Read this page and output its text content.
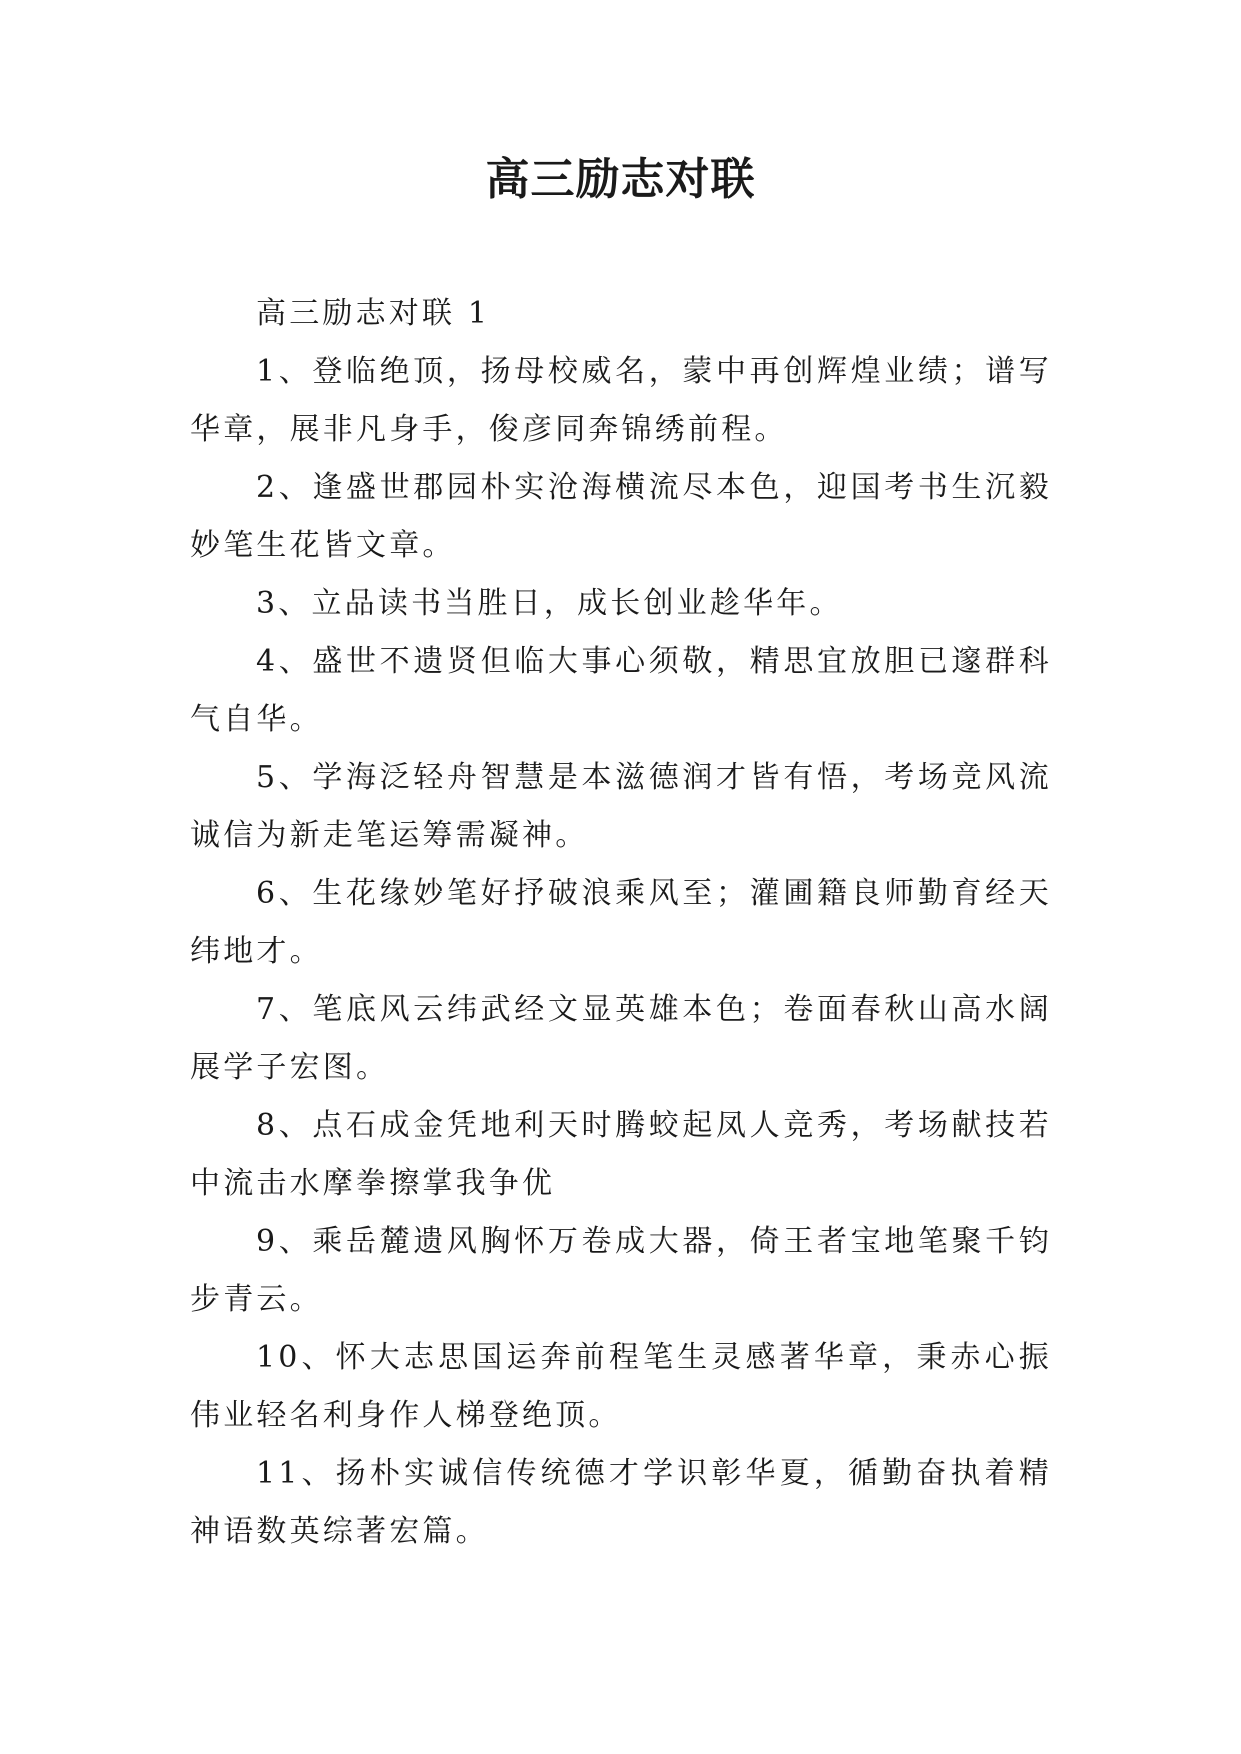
高三励志对联

高三励志对联 1

1、登临绝顶，扬母校威名，蒙中再创辉煌业绩；谱写华章，展非凡身手，俊彦同奔锦绣前程。

2、逢盛世郡园朴实沧海横流尽本色，迎国考书生沉毅妙笔生花皆文章。

3、立品读书当胜日，成长创业趁华年。

4、盛世不遗贤但临大事心须敬，精思宜放胆已邃群科气自华。

5、学海泛轻舟智慧是本滋德润才皆有悟，考场竞风流诚信为新走笔运筹需凝神。

6、生花缘妙笔好抒破浪乘风至；灌圃籍良师勤育经天纬地才。

7、笔底风云纬武经文显英雄本色；卷面春秋山高水阔展学子宏图。

8、点石成金凭地利天时腾蛟起凤人竞秀，考场献技若中流击水摩拳擦掌我争优

9、乘岳麓遗风胸怀万卷成大器，倚王者宝地笔聚千钧步青云。

10、怀大志思国运奔前程笔生灵感著华章，秉赤心振伟业轻名利身作人梯登绝顶。

11、扬朴实诚信传统德才学识彰华夏，循勤奋执着精神语数英综著宏篇。
